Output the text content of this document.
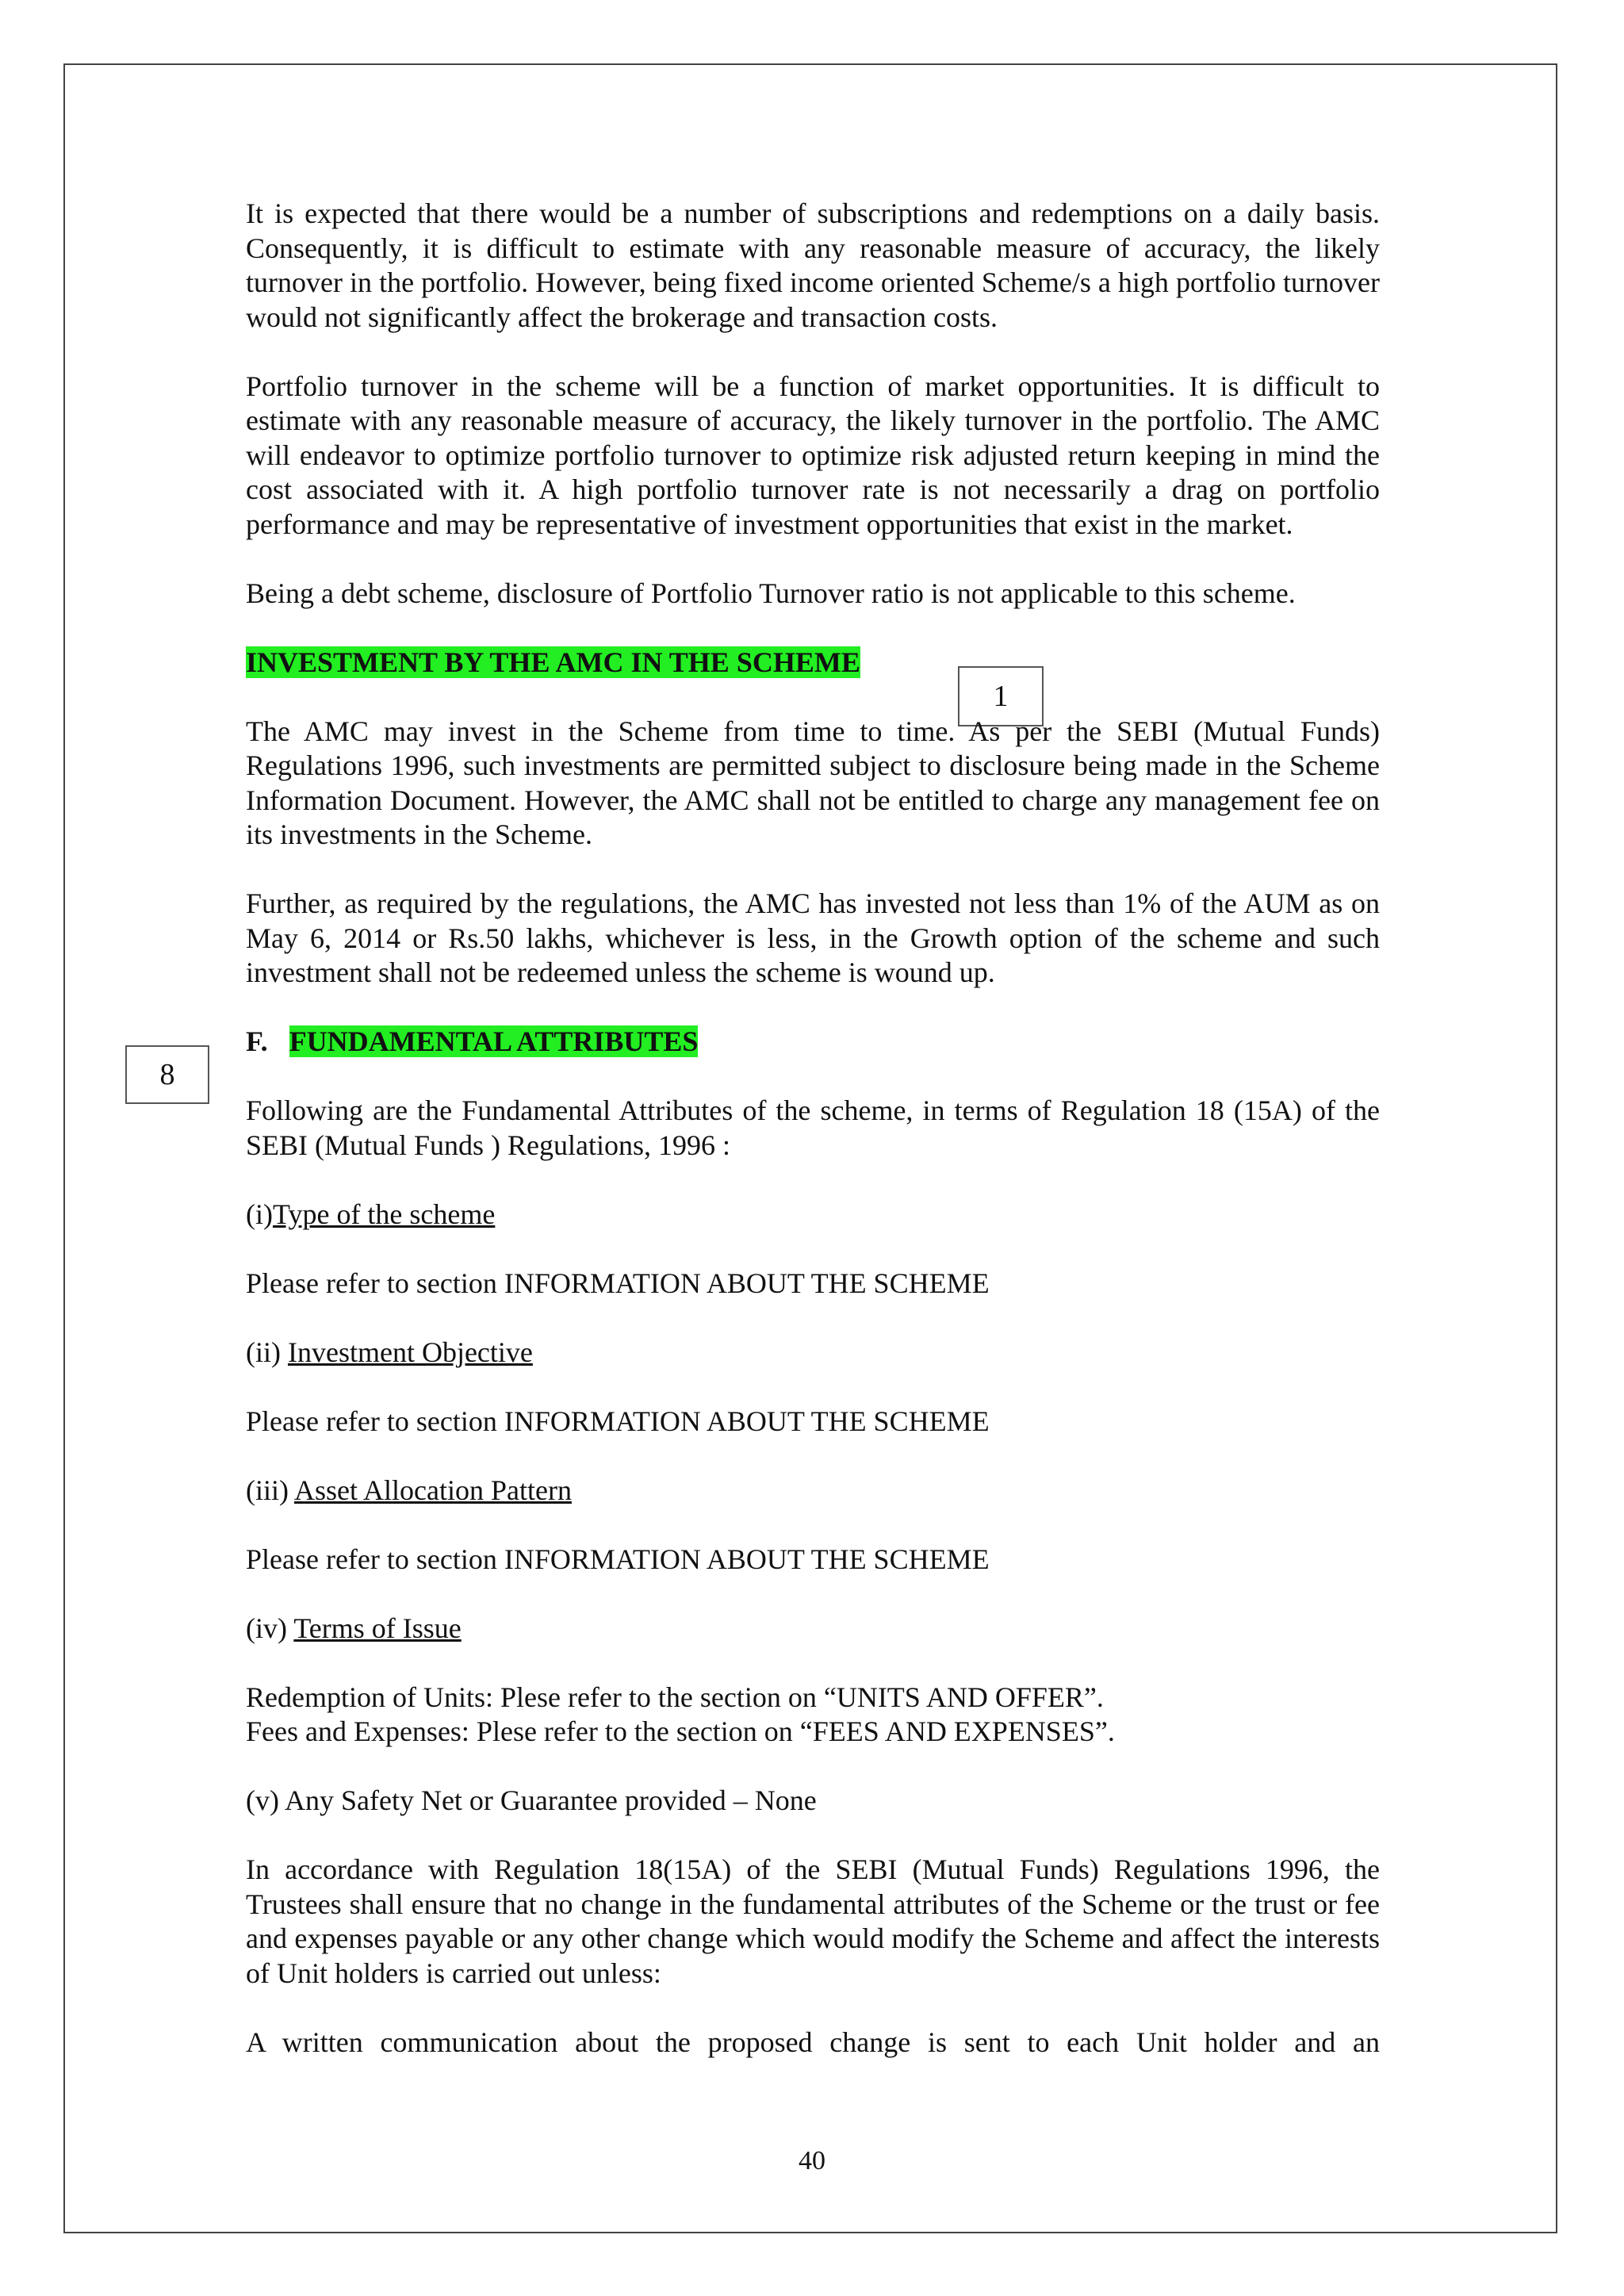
1
8

It is expected that there would be a number of subscriptions and redemptions on a daily basis. Consequently, it is difficult to estimate with any reasonable measure of accuracy, the likely turnover in the portfolio. However, being fixed income oriented Scheme/s a high portfolio turnover would not significantly affect the brokerage and transaction costs.

Portfolio turnover in the scheme will be a function of market opportunities. It is difficult to estimate with any reasonable measure of accuracy, the likely turnover in the portfolio. The AMC will endeavor to optimize portfolio turnover to optimize risk adjusted return keeping in mind the cost associated with it. A high portfolio turnover rate is not necessarily a drag on portfolio performance and may be representative of investment opportunities that exist in the market.

Being a debt scheme, disclosure of Portfolio Turnover ratio is not applicable to this scheme.

INVESTMENT BY THE AMC IN THE SCHEME

The AMC may invest in the Scheme from time to time. As per the SEBI (Mutual Funds) Regulations 1996, such investments are permitted subject to disclosure being made in the Scheme Information Document. However, the AMC shall not be entitled to charge any management fee on its investments in the Scheme.

Further, as required by the regulations, the AMC has invested not less than 1% of the AUM as on May 6, 2014 or Rs.50 lakhs, whichever is less, in the Growth option of the scheme and such investment shall not be redeemed unless the scheme is wound up.

F. FUNDAMENTAL ATTRIBUTES

Following are the Fundamental Attributes of the scheme, in terms of Regulation 18 (15A) of the SEBI (Mutual Funds ) Regulations, 1996 :

(i)Type of the scheme

Please refer to section INFORMATION ABOUT THE SCHEME

(ii) Investment Objective

Please refer to section INFORMATION ABOUT THE SCHEME

(iii) Asset Allocation Pattern

Please refer to section INFORMATION ABOUT THE SCHEME

(iv) Terms of Issue

Redemption of Units: Plese refer to the section on “UNITS AND OFFER”.

Fees and Expenses: Plese refer to the section on “FEES AND EXPENSES”.

(v) Any Safety Net or Guarantee provided – None

In accordance with Regulation 18(15A) of the SEBI (Mutual Funds) Regulations 1996, the Trustees shall ensure that no change in the fundamental attributes of the Scheme or the trust or fee and expenses payable or any other change which would modify the Scheme and affect the interests of Unit holders is carried out unless:

A written communication about the proposed change is sent to each Unit holder and an

40
